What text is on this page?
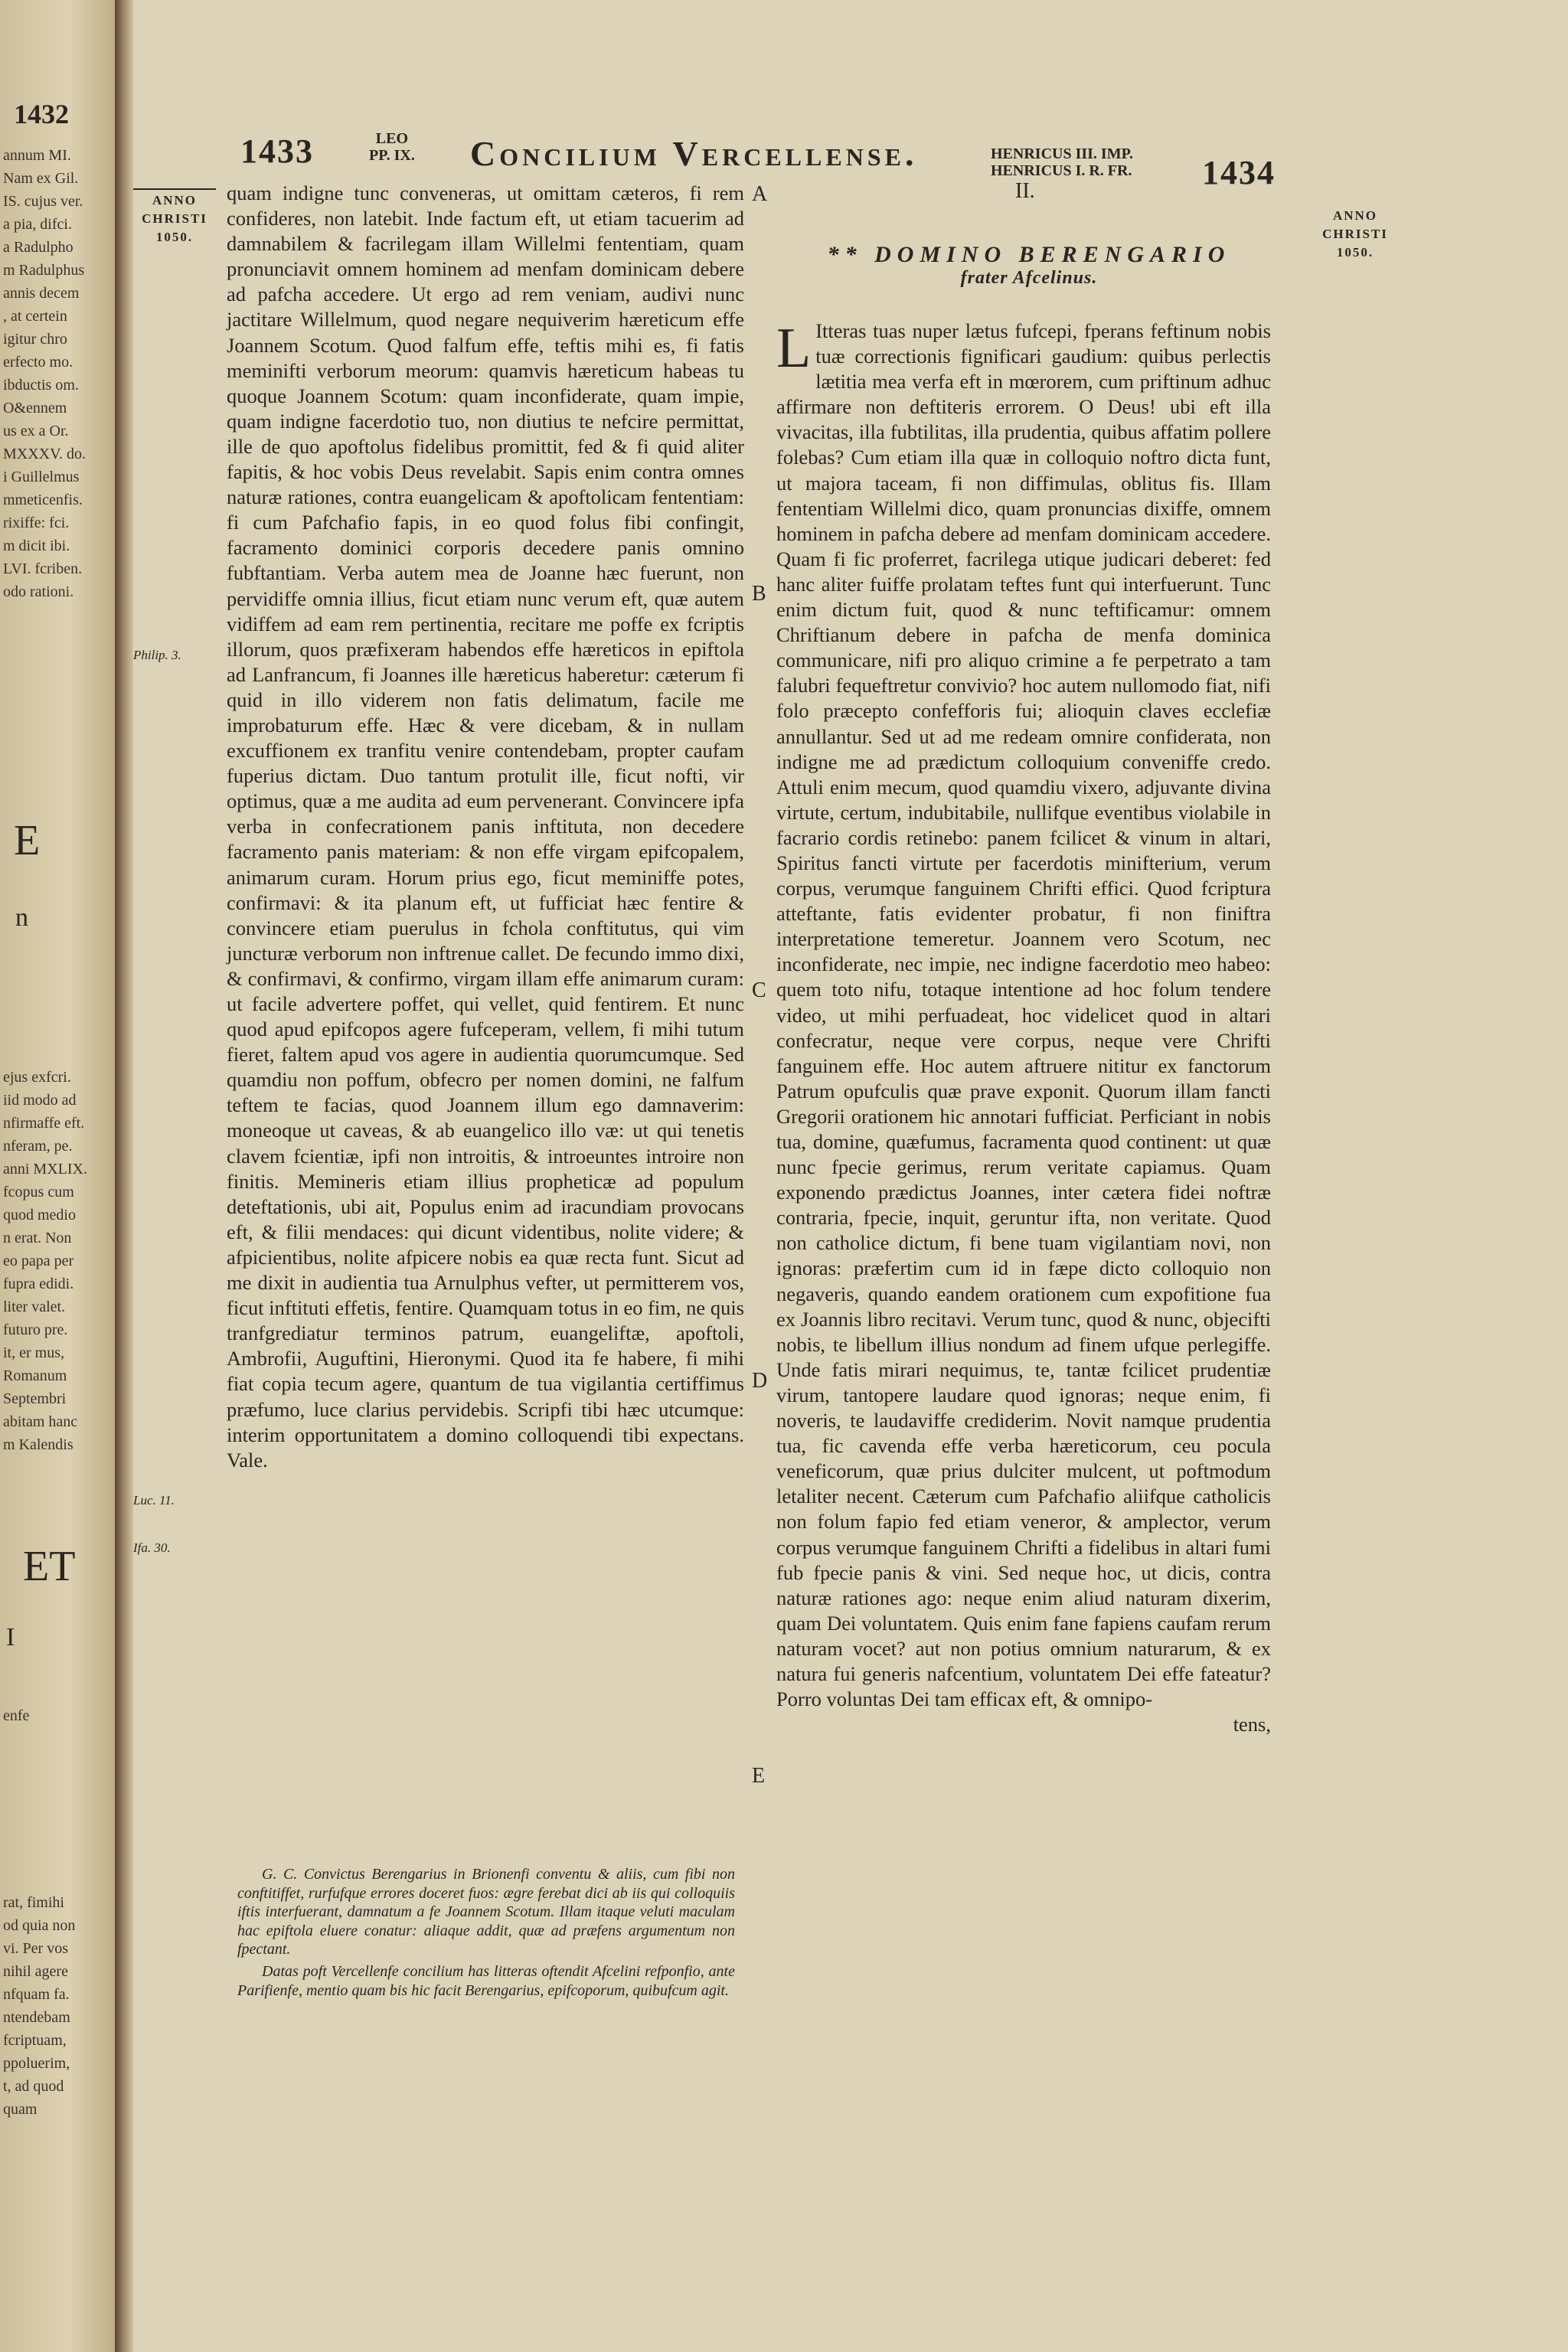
1432
annum MI.
Nam ex Gil.
IS. cujus ver.
a pia, difci.
a Radulpho
m Radulphus
annis decem
, at certein
igitur chro
erfecto mo.
ibductis om.
O&ennem
us ex a Or.
MXXXV. do.
i Guillelmus
mmeticenfis.
rixiffe: fci.
m dicit ibi.
LVI. fcriben.
odo rationi.
ejus exfcri.
iid modo ad
nfirmaffe eft.
nferam, pe.
anni MXLIX.
fcopus cum
quod medio
n erat. Non
eo papa per
fupra edidi.
liter valet.
futuro pre.
it, er mus,
Romanum
Septembri
abitam hanc
m Kalendis
enfe
rat, fimihi
od quia non
vi. Per vos
nihil agere
nfquam fa.
ntendebam
fcriptuam,
ppoluerim,
t, ad quod
quam
E
n
ET
I
1433	LEO
PP. IX. Concilium Vercellense.	HENRICUS III. IMP.
HENRICUS I. R. FR. 1434
ANNO
CHRISTI
1050.
ANNO
CHRISTI
1050.
Philip. 3.
Luc. 11.
Ifa. 30.
A
B
C
D
E

quam indigne tunc conveneras, ut omittam cæteros, fi rem confideres, non latebit. Inde factum eft, ut etiam tacuerim ad damnabilem & facrilegam illam Willelmi fententiam, quam pronunciavit omnem hominem ad menfam dominicam debere ad pafcha accedere. Ut ergo ad rem veniam, audivi nunc jactitare Willelmum, quod negare nequiverim hæreticum effe Joannem Scotum. Quod falfum effe, teftis mihi es, fi fatis meminifti verborum meorum: quamvis hæreticum habeas tu quoque Joannem Scotum: quam inconfiderate, quam impie, quam indigne facerdotio tuo, non diutius te nefcire permittat, ille de quo apoftolus fidelibus promittit, fed & fi quid aliter fapitis, & hoc vobis Deus revelabit. Sapis enim contra omnes naturæ rationes, contra euangelicam & apoftolicam fententiam: fi cum Pafchafio fapis, in eo quod folus fibi confingit, facramento dominici corporis decedere panis omnino fubftantiam. Verba autem mea de Joanne hæc fuerunt, non pervidiffe omnia illius, ficut etiam nunc verum eft, quæ autem vidiffem ad eam rem pertinentia, recitare me poffe ex fcriptis illorum, quos præfixeram habendos effe hæreticos in epiftola ad Lanfrancum, fi Joannes ille hæreticus haberetur: cæterum fi quid in illo viderem non fatis delimatum, facile me improbaturum effe. Hæc & vere dicebam, & in nullam excuffionem ex tranfitu venire contendebam, propter caufam fuperius dictam. Duo tantum protulit ille, ficut nofti, vir optimus, quæ a me audita ad eum pervenerant. Convincere ipfa verba in confecrationem panis inftituta, non decedere facramento panis materiam: & non effe virgam epifcopalem, animarum curam. Horum prius ego, ficut meminiffe potes, confirmavi: & ita planum eft, ut fufficiat hæc fentire & convincere etiam puerulus in fchola conftitutus, qui vim juncturæ verborum non inftrenue callet. De fecundo immo dixi, & confirmavi, & confirmo, virgam illam effe animarum curam: ut facile advertere poffet, qui vellet, quid fentirem. Et nunc quod apud epifcopos agere fufceperam, vellem, fi mihi tutum fieret, faltem apud vos agere in audientia quorumcumque. Sed quamdiu non poffum, obfecro per nomen domini, ne falfum teftem te facias, quod Joannem illum ego damnaverim: moneoque ut caveas, & ab euangelico illo væ: ut qui tenetis clavem fcientiæ, ipfi non introitis, & introeuntes introire non finitis. Memineris etiam illius propheticæ ad populum deteftationis, ubi ait, Populus enim ad iracundiam provocans eft, & filii mendaces: qui dicunt videntibus, nolite videre; & afpicientibus, nolite afpicere nobis ea quæ recta funt. Sicut ad me dixit in audientia tua Arnulphus vefter, ut permitterem vos, ficut inftituti effetis, fentire. Quamquam totus in eo fim, ne quis tranfgrediatur terminos patrum, euangeliftæ, apoftoli, Ambrofii, Auguftini, Hieronymi. Quod ita fe habere, fi mihi fiat copia tecum agere, quantum de tua vigilantia certiffimus præfumo, luce clarius pervidebis. Scripfi tibi hæc utcumque: interim opportunitatem a domino colloquendi tibi expectans. Vale.

G. C. Convictus Berengarius in Brionenfi conventu & aliis, cum fibi non conftitiffet, rurfufque errores doceret fuos: ægre ferebat dici ab iis qui colloquiis iftis interfuerant, damnatum a fe Joannem Scotum. Illam itaque veluti maculam hac epiftola eluere conatur: aliaque addit, quæ ad præfens argumentum non fpectant.

Datas poft Vercellenfe concilium has litteras oftendit Afcelini refponfio, ante Parifienfe, mentio quam bis hic facit Berengarius, epifcoporum, quibufcum agit.

II.
** DOMINO BERENGARIO
frater Afcelinus.

L Itteras tuas nuper lætus fufcepi, fperans feftinum nobis tuæ correctionis fignificari gaudium: quibus perlectis lætitia mea verfa eft in mœrorem, cum priftinum adhuc affirmare non deftiteris errorem. O Deus! ubi eft illa vivacitas, illa fubtilitas, illa prudentia, quibus affatim pollere folebas? Cum etiam illa quæ in colloquio noftro dicta funt, ut majora taceam, fi non diffimulas, oblitus fis. Illam fententiam Willelmi dico, quam pronuncias dixiffe, omnem hominem in pafcha debere ad menfam dominicam accedere. Quam fi fic proferret, facrilega utique judicari deberet: fed hanc aliter fuiffe prolatam teftes funt qui interfuerunt. Tunc enim dictum fuit, quod & nunc teftificamur: omnem Chriftianum debere in pafcha de menfa dominica communicare, nifi pro aliquo crimine a fe perpetrato a tam falubri fequeftretur convivio? hoc autem nullomodo fiat, nifi folo præcepto confefforis fui; alioquin claves ecclefiæ annullantur. Sed ut ad me redeam omnire confiderata, non indigne me ad prædictum colloquium conveniffe credo. Attuli enim mecum, quod quamdiu vixero, adjuvante divina virtute, certum, indubitabile, nullifque eventibus violabile in facrario cordis retinebo: panem fcilicet & vinum in altari, Spiritus fancti virtute per facerdotis minifterium, verum corpus, verumque fanguinem Chrifti effici. Quod fcriptura atteftante, fatis evidenter probatur, fi non finiftra interpretatione temeretur. Joannem vero Scotum, nec inconfiderate, nec impie, nec indigne facerdotio meo habeo: quem toto nifu, totaque intentione ad hoc folum tendere video, ut mihi perfuadeat, hoc videlicet quod in altari confecratur, neque vere corpus, neque vere Chrifti fanguinem effe. Hoc autem aftruere nititur ex fanctorum Patrum opufculis quæ prave exponit. Quorum illam fancti Gregorii orationem hic annotari fufficiat. Perficiant in nobis tua, domine, quæfumus, facramenta quod continent: ut quæ nunc fpecie gerimus, rerum veritate capiamus. Quam exponendo prædictus Joannes, inter cætera fidei noftræ contraria, fpecie, inquit, geruntur ifta, non veritate. Quod non catholice dictum, fi bene tuam vigilantiam novi, non ignoras: præfertim cum id in fæpe dicto colloquio non negaveris, quando eandem orationem cum expofitione fua ex Joannis libro recitavi. Verum tunc, quod & nunc, objecifti nobis, te libellum illius nondum ad finem ufque perlegiffe. Unde fatis mirari nequimus, te, tantæ fcilicet prudentiæ virum, tantopere laudare quod ignoras; neque enim, fi noveris, te laudaviffe crediderim. Novit namque prudentia tua, fic cavenda effe verba hæreticorum, ceu pocula veneficorum, quæ prius dulciter mulcent, ut poftmodum letaliter necent. Cæterum cum Pafchafio aliifque catholicis non folum fapio fed etiam veneror, & amplector, verum corpus verumque fanguinem Chrifti a fidelibus in altari fumi fub fpecie panis & vini. Sed neque hoc, ut dicis, contra naturæ rationes ago: neque enim aliud naturam dixerim, quam Dei voluntatem. Quis enim fane fapiens caufam rerum naturam vocet? aut non potius omnium naturarum, & ex natura fui generis nafcentium, voluntatem Dei effe fateatur? Porro voluntas Dei tam efficax eft, & omnipo-

tens,
